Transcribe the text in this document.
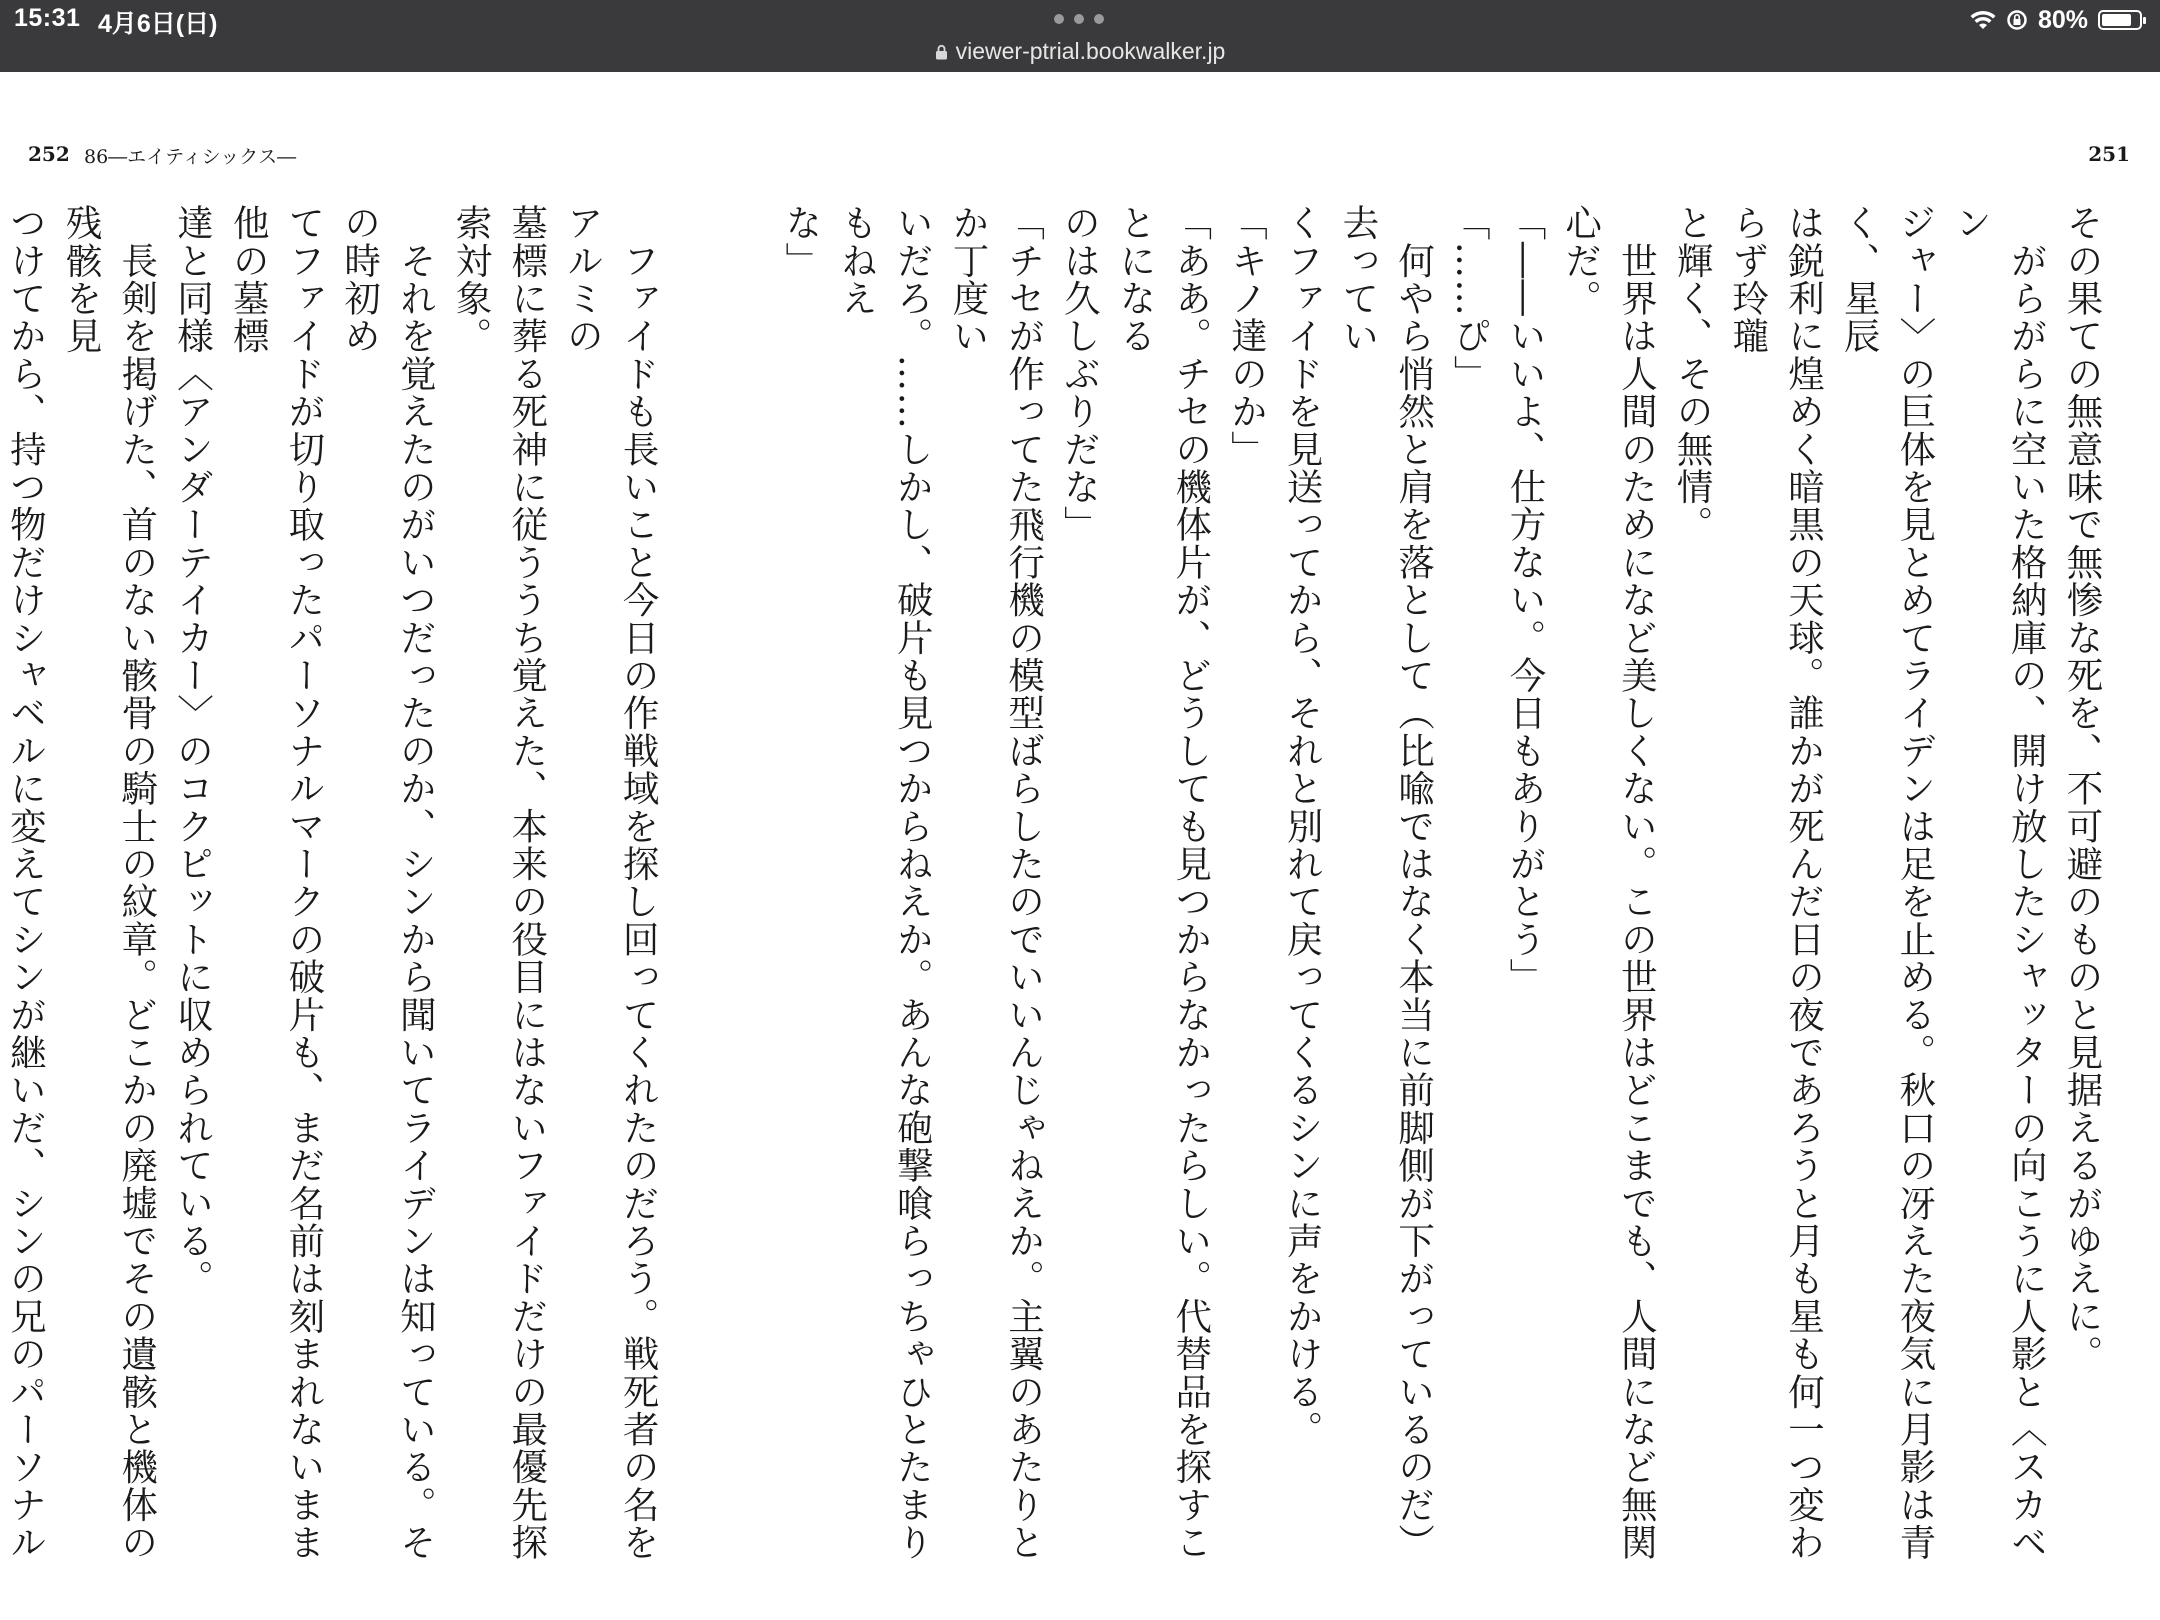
15:31 4月6日(日)	80%
viewer-ptrial.bookwalker.jp
252 86―エイティシックス―	251

その果ての無意味で無惨な死を、不可避のものと見据えるがゆえに。

　がらがらに空いた格納庫の、開け放したシャッターの向こうに人影と〈スカベン

ジャー〉の巨体を見とめてライデンは足を止める。秋口の冴えた夜気に月影は青く、星辰

は鋭利に煌めく暗黒の天球。誰かが死んだ日の夜であろうと月も星も何一つ変わらず玲瓏

と輝く、その無情。

　世界は人間のためになど美しくない。この世界はどこまでも、人間になど無関心だ。

「――いいよ、仕方ない。今日もありがとう」

「……ぴ」

　何やら悄然と肩を落として（比喩ではなく本当に前脚側が下がっているのだ）去ってい

くファイドを見送ってから、それと別れて戻ってくるシンに声をかける。

「キノ達のか」

「ああ。チセの機体片が、どうしても見つからなかったらしい。代替品を探すことになる

のは久しぶりだな」

「チセが作ってた飛行機の模型ばらしたのでいいんじゃねえか。主翼のあたりとか丁度い

いだろ。……しかし、破片も見つからねえか。あんな砲撃喰らっちゃひとたまりもねえ

な」

　ファイドも長いこと今日の作戦域を探し回ってくれたのだろう。戦死者の名をアルミの

墓標に葬る死神に従ううち覚えた、本来の役目にはないファイドだけの最優先探索対象。

　それを覚えたのがいつだったのか、シンから聞いてライデンは知っている。その時初め

てファイドが切り取ったパーソナルマークの破片も、まだ名前は刻まれないまま他の墓標

達と同様〈アンダーテイカー〉のコクピットに収められている。

　長剣を掲げた、首のない骸骨の騎士の紋章。どこかの廃墟でその遺骸と機体の残骸を見

つけてから、持つ物だけシャベルに変えてシンが継いだ、シンの兄のパーソナル
